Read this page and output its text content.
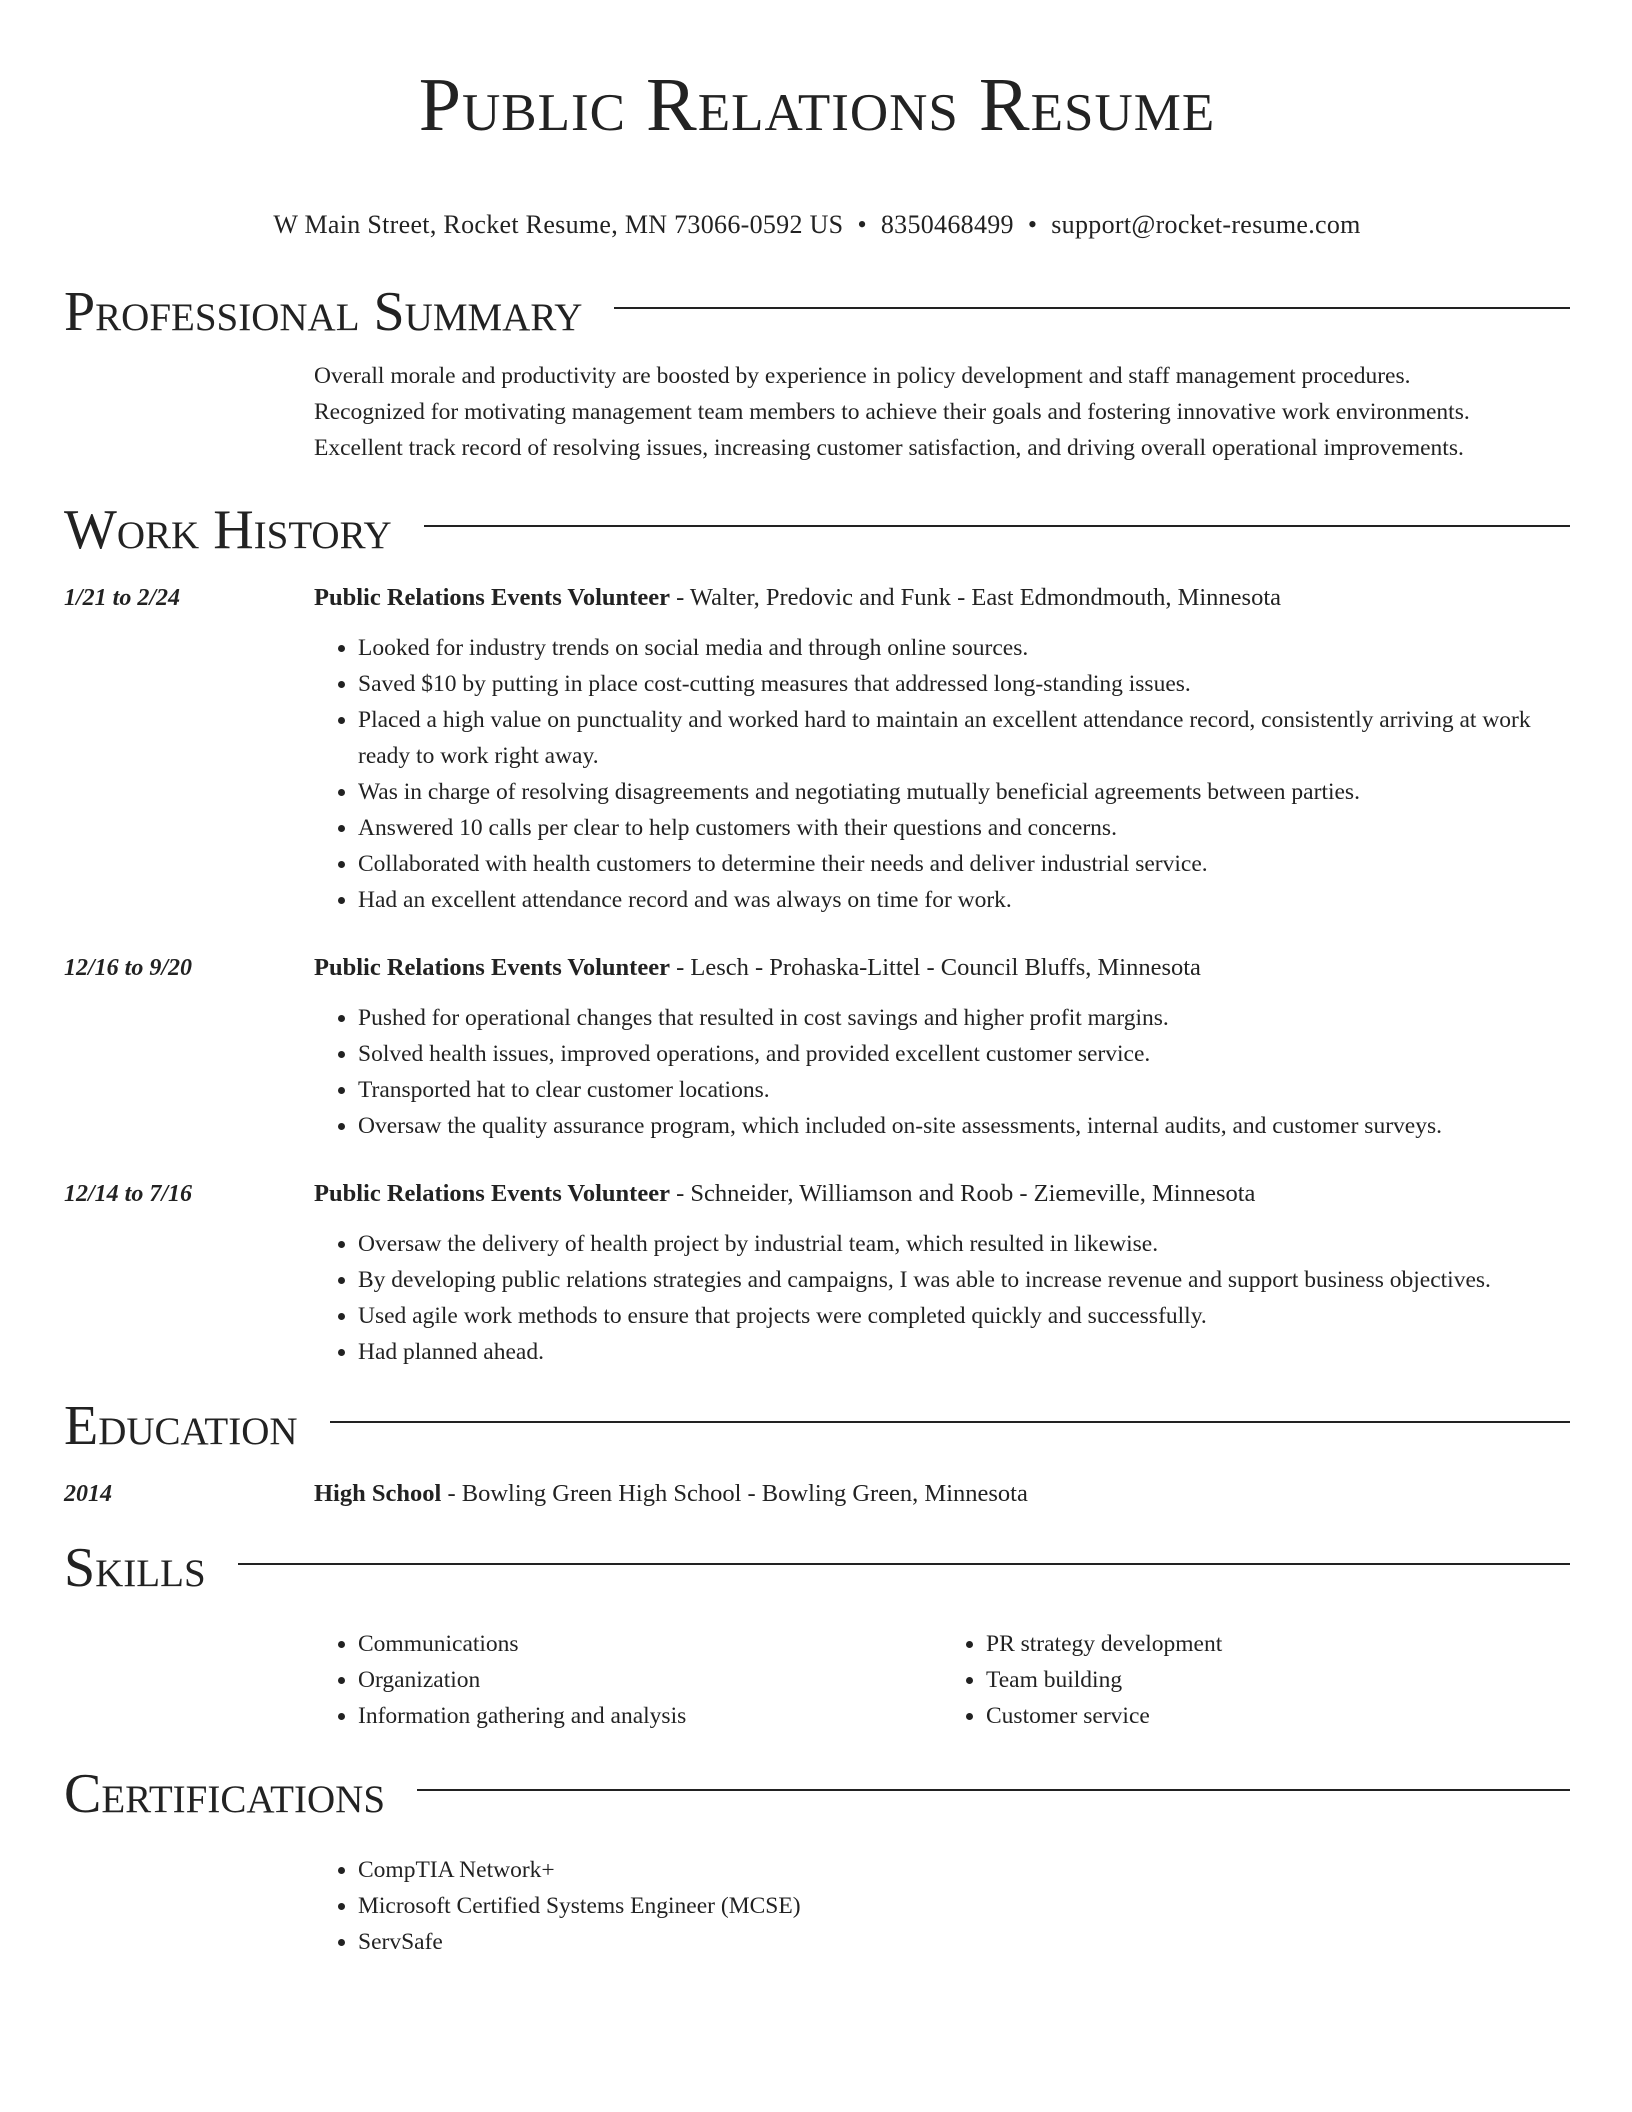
Public Relations Resume
W Main Street, Rocket Resume, MN 73066-0592 US • 8350468499 • support@rocket-resume.com
Professional Summary

Overall morale and productivity are boosted by experience in policy development and staff management procedures.

Recognized for motivating management team members to achieve their goals and fostering innovative work environments.

Excellent track record of resolving issues, increasing customer satisfaction, and driving overall operational improvements.

Work History
1/21 to 2/24	Public Relations Events Volunteer - Walter, Predovic and Funk - East Edmondmouth, Minnesota
• Looked for industry trends on social media and through online sources.
• Saved $10 by putting in place cost-cutting measures that addressed long-standing issues.
• Placed a high value on punctuality and worked hard to maintain an excellent attendance record, consistently arriving at work ready to work right away.
• Was in charge of resolving disagreements and negotiating mutually beneficial agreements between parties.
• Answered 10 calls per clear to help customers with their questions and concerns.
• Collaborated with health customers to determine their needs and deliver industrial service.
• Had an excellent attendance record and was always on time for work.
12/16 to 9/20	Public Relations Events Volunteer - Lesch - Prohaska-Littel - Council Bluffs, Minnesota
• Pushed for operational changes that resulted in cost savings and higher profit margins.
• Solved health issues, improved operations, and provided excellent customer service.
• Transported hat to clear customer locations.
• Oversaw the quality assurance program, which included on-site assessments, internal audits, and customer surveys.
12/14 to 7/16	Public Relations Events Volunteer - Schneider, Williamson and Roob - Ziemeville, Minnesota
• Oversaw the delivery of health project by industrial team, which resulted in likewise.
• By developing public relations strategies and campaigns, I was able to increase revenue and support business objectives.
• Used agile work methods to ensure that projects were completed quickly and successfully.
• Had planned ahead.
Education
2014	High School - Bowling Green High School - Bowling Green, Minnesota
Skills
• Communications
• Organization
• Information gathering and analysis
• PR strategy development
• Team building
• Customer service
Certifications
• CompTIA Network+
• Microsoft Certified Systems Engineer (MCSE)
• ServSafe
